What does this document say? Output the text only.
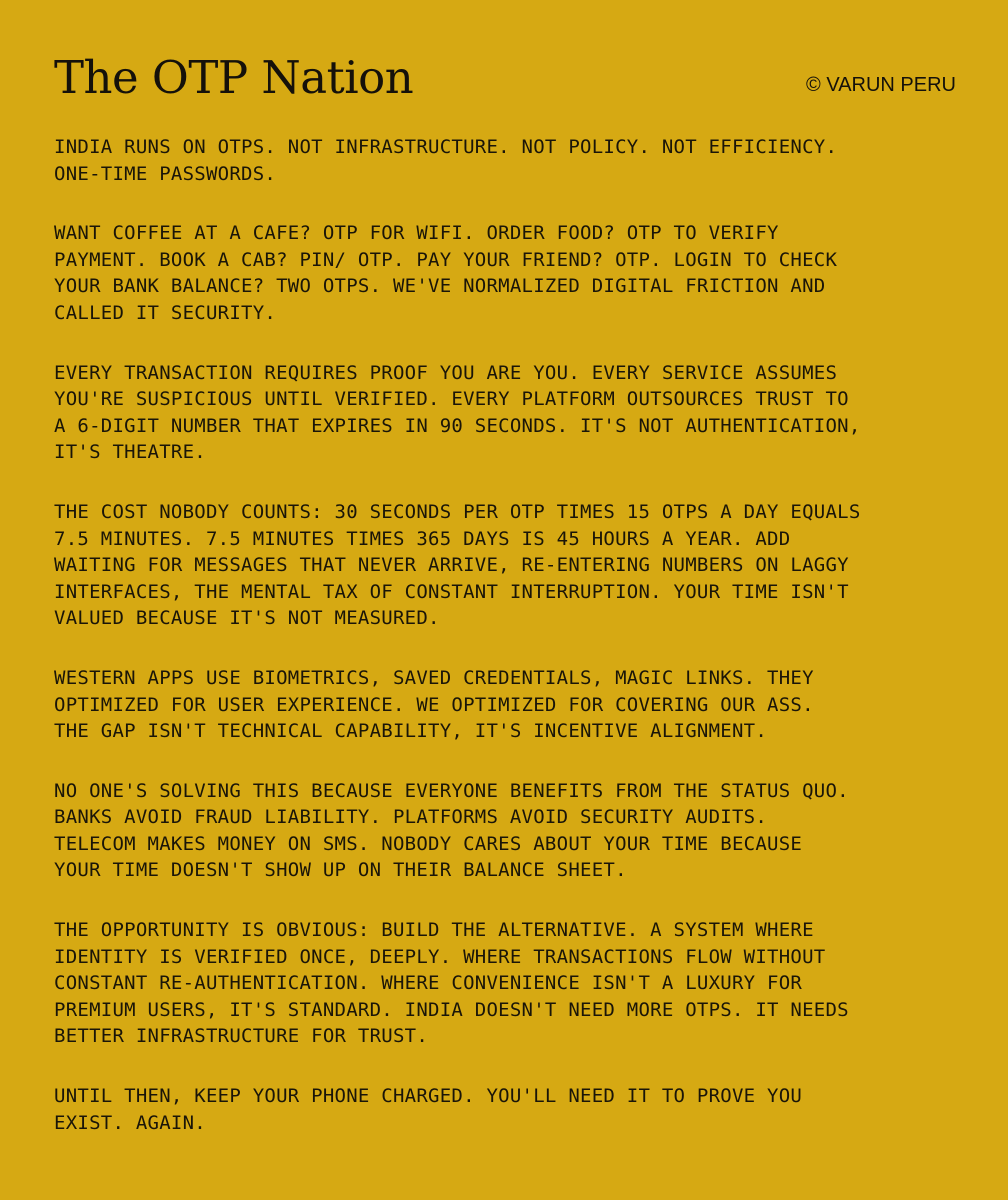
The OTP Nation	© VARUN PERU

INDIA RUNS ON OTPS. NOT INFRASTRUCTURE. NOT POLICY. NOT EFFICIENCY.
ONE-TIME PASSWORDS.

WANT COFFEE AT A CAFE? OTP FOR WIFI. ORDER FOOD? OTP TO VERIFY
PAYMENT. BOOK A CAB? PIN/ OTP. PAY YOUR FRIEND? OTP. LOGIN TO CHECK
YOUR BANK BALANCE? TWO OTPS. WE'VE NORMALIZED DIGITAL FRICTION AND
CALLED IT SECURITY.

EVERY TRANSACTION REQUIRES PROOF YOU ARE YOU. EVERY SERVICE ASSUMES
YOU'RE SUSPICIOUS UNTIL VERIFIED. EVERY PLATFORM OUTSOURCES TRUST TO
A 6-DIGIT NUMBER THAT EXPIRES IN 90 SECONDS. IT'S NOT AUTHENTICATION,
IT'S THEATRE.

THE COST NOBODY COUNTS: 30 SECONDS PER OTP TIMES 15 OTPS A DAY EQUALS
7.5 MINUTES. 7.5 MINUTES TIMES 365 DAYS IS 45 HOURS A YEAR. ADD
WAITING FOR MESSAGES THAT NEVER ARRIVE, RE-ENTERING NUMBERS ON LAGGY
INTERFACES, THE MENTAL TAX OF CONSTANT INTERRUPTION. YOUR TIME ISN'T
VALUED BECAUSE IT'S NOT MEASURED.

WESTERN APPS USE BIOMETRICS, SAVED CREDENTIALS, MAGIC LINKS. THEY
OPTIMIZED FOR USER EXPERIENCE. WE OPTIMIZED FOR COVERING OUR ASS.
THE GAP ISN'T TECHNICAL CAPABILITY, IT'S INCENTIVE ALIGNMENT.

NO ONE'S SOLVING THIS BECAUSE EVERYONE BENEFITS FROM THE STATUS QUO.
BANKS AVOID FRAUD LIABILITY. PLATFORMS AVOID SECURITY AUDITS.
TELECOM MAKES MONEY ON SMS. NOBODY CARES ABOUT YOUR TIME BECAUSE
YOUR TIME DOESN'T SHOW UP ON THEIR BALANCE SHEET.

THE OPPORTUNITY IS OBVIOUS: BUILD THE ALTERNATIVE. A SYSTEM WHERE
IDENTITY IS VERIFIED ONCE, DEEPLY. WHERE TRANSACTIONS FLOW WITHOUT
CONSTANT RE-AUTHENTICATION. WHERE CONVENIENCE ISN'T A LUXURY FOR
PREMIUM USERS, IT'S STANDARD. INDIA DOESN'T NEED MORE OTPS. IT NEEDS
BETTER INFRASTRUCTURE FOR TRUST.

UNTIL THEN, KEEP YOUR PHONE CHARGED. YOU'LL NEED IT TO PROVE YOU
EXIST. AGAIN.
